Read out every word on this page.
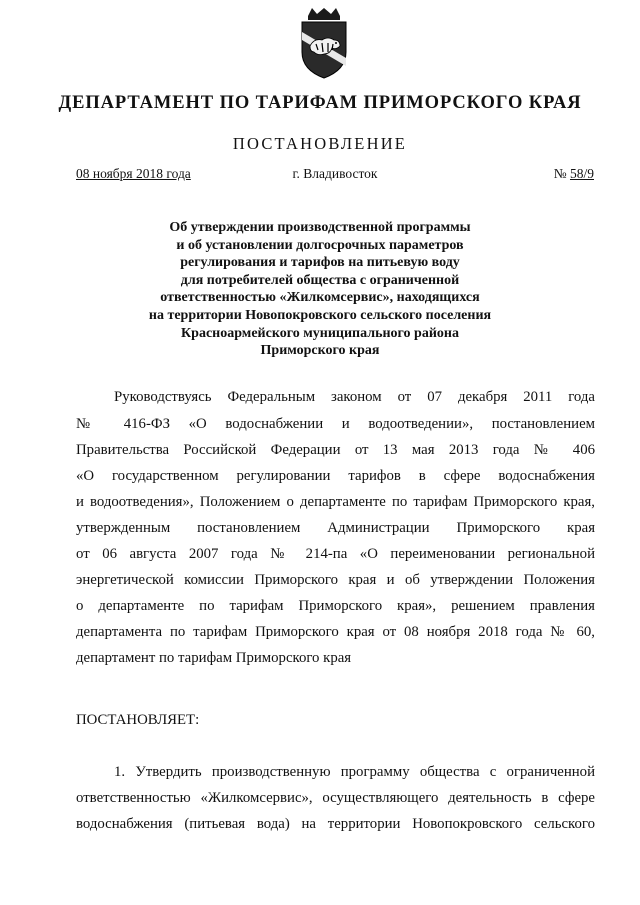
ДЕПАРТАМЕНТ ПО ТАРИФАМ ПРИМОРСКОГО КРАЯ
ПОСТАНОВЛЕНИЕ
08 ноября 2018 года	г. Владивосток	№ 58/9
Об утверждении производственной программы
и об установлении долгосрочных параметров
регулирования и тарифов на питьевую воду
для потребителей общества с ограниченной
ответственностью «Жилкомсервис», находящихся
на территории Новопокровского сельского поселения
Красноармейского муниципального района
Приморского края
Руководствуясь Федеральным законом от 07 декабря 2011 года
№ 416-ФЗ «О водоснабжении и водоотведении», постановлением
Правительства Российской Федерации от 13 мая 2013 года № 406
«О государственном регулировании тарифов в сфере водоснабжения
и водоотведения», Положением о департаменте по тарифам Приморского края,
утвержденным постановлением Администрации Приморского края
от 06 августа 2007 года № 214-па «О переименовании региональной
энергетической комиссии Приморского края и об утверждении Положения
о департаменте по тарифам Приморского края», решением правления
департамента по тарифам Приморского края от 08 ноября 2018 года № 60,
департамент по тарифам Приморского края
ПОСТАНОВЛЯЕТ:
1. Утвердить производственную программу общества с ограниченной
ответственностью «Жилкомсервис», осуществляющего деятельность в сфере
водоснабжения (питьевая вода) на территории Новопокровского сельского
